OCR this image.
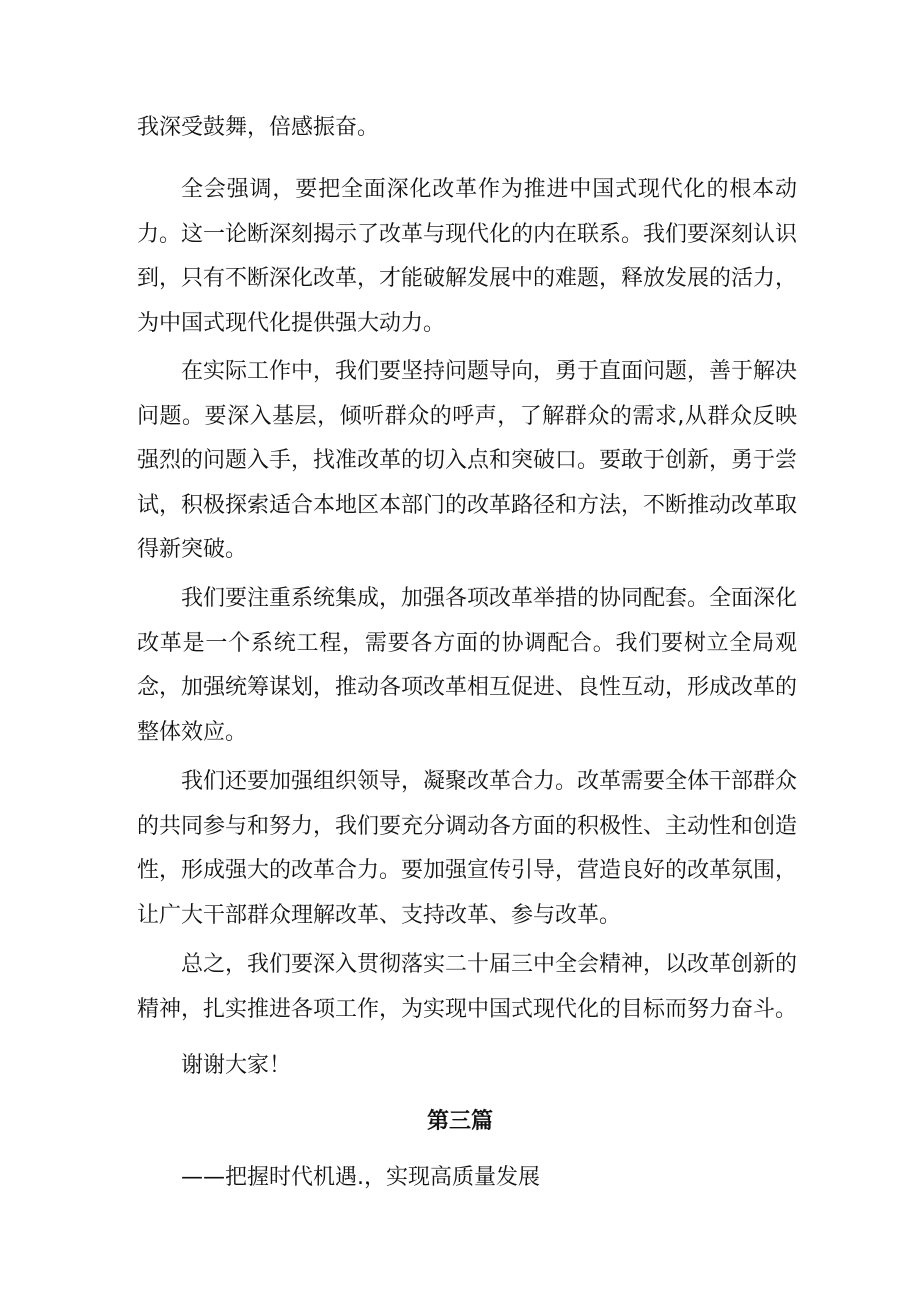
我深受鼓舞，倍感振奋。

全会强调，要把全面深化改革作为推进中国式现代化的根本动力。这一论断深刻揭示了改革与现代化的内在联系。我们要深刻认识到，只有不断深化改革，才能破解发展中的难题，释放发展的活力，为中国式现代化提供强大动力。

在实际工作中，我们要坚持问题导向，勇于直面问题，善于解决问题。要深入基层，倾听群众的呼声，了解群众的需求,从群众反映强烈的问题入手，找准改革的切入点和突破口。要敢于创新，勇于尝试，积极探索适合本地区本部门的改革路径和方法，不断推动改革取得新突破。

我们要注重系统集成，加强各项改革举措的协同配套。全面深化改革是一个系统工程，需要各方面的协调配合。我们要树立全局观念，加强统筹谋划，推动各项改革相互促进、良性互动，形成改革的整体效应。

我们还要加强组织领导，凝聚改革合力。改革需要全体干部群众的共同参与和努力，我们要充分调动各方面的积极性、主动性和创造性，形成强大的改革合力。要加强宣传引导，营造良好的改革氛围，让广大干部群众理解改革、支持改革、参与改革。

总之，我们要深入贯彻落实二十届三中全会精神，以改革创新的精神，扎实推进各项工作，为实现中国式现代化的目标而努力奋斗。

谢谢大家！

第三篇

——把握时代机遇.，实现高质量发展
